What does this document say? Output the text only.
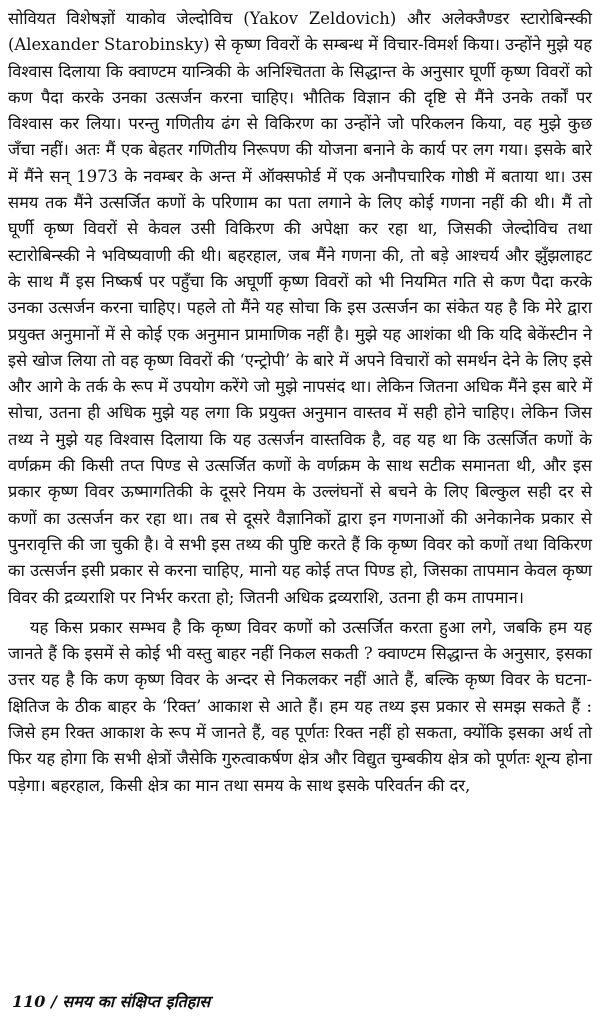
सोवियत विशेषज्ञों याकोव जेल्दोविच (Yakov Zeldovich) और अलेक्जैण्डर स्टारोबिन्स्की (Alexander Starobinsky) से कृष्ण विवरों के सम्बन्ध में विचार-विमर्श किया। उन्होंने मुझे यह विश्वास दिलाया कि क्वाण्टम यान्त्रिकी के अनिश्चितता के सिद्धान्त के अनुसार घूर्णी कृष्ण विवरों को कण पैदा करके उनका उत्सर्जन करना चाहिए। भौतिक विज्ञान की दृष्टि से मैंने उनके तर्कों पर विश्वास कर लिया। परन्तु गणितीय ढंग से विकिरण का उन्होंने जो परिकलन किया, वह मुझे कुछ जँचा नहीं। अतः मैं एक बेहतर गणितीय निरूपण की योजना बनाने के कार्य पर लग गया। इसके बारे में मैंने सन् 1973 के नवम्बर के अन्त में ऑक्सफोर्ड में एक अनौपचारिक गोष्ठी में बताया था। उस समय तक मैंने उत्सर्जित कणों के परिणाम का पता लगाने के लिए कोई गणना नहीं की थी। मैं तो घूर्णी कृष्ण विवरों से केवल उसी विकिरण की अपेक्षा कर रहा था, जिसकी जेल्दोविच तथा स्टारोबिन्स्की ने भविष्यवाणी की थी। बहरहाल, जब मैंने गणना की, तो बड़े आश्चर्य और झुँझलाहट के साथ मैं इस निष्कर्ष पर पहुँचा कि अघूर्णी कृष्ण विवरों को भी नियमित गति से कण पैदा करके उनका उत्सर्जन करना चाहिए। पहले तो मैंने यह सोचा कि इस उत्सर्जन का संकेत यह है कि मेरे द्वारा प्रयुक्त अनुमानों में से कोई एक अनुमान प्रामाणिक नहीं है। मुझे यह आशंका थी कि यदि बेकेंस्टीन ने इसे खोज लिया तो वह कृष्ण विवरों की ‘एन्ट्रोपी’ के बारे में अपने विचारों को समर्थन देने के लिए इसे और आगे के तर्क के रूप में उपयोग करेंगे जो मुझे नापसंद था। लेकिन जितना अधिक मैंने इस बारे में सोचा, उतना ही अधिक मुझे यह लगा कि प्रयुक्त अनुमान वास्तव में सही होने चाहिए। लेकिन जिस तथ्य ने मुझे यह विश्वास दिलाया कि यह उत्सर्जन वास्तविक है, वह यह था कि उत्सर्जित कणों के वर्णक्रम की किसी तप्त पिण्ड से उत्सर्जित कणों के वर्णक्रम के साथ सटीक समानता थी, और इस प्रकार कृष्ण विवर ऊष्मागतिकी के दूसरे नियम के उल्लंघनों से बचने के लिए बिल्कुल सही दर से कणों का उत्सर्जन कर रहा था। तब से दूसरे वैज्ञानिकों द्वारा इन गणनाओं की अनेकानेक प्रकार से पुनरावृत्ति की जा चुकी है। वे सभी इस तथ्य की पुष्टि करते हैं कि कृष्ण विवर को कणों तथा विकिरण का उत्सर्जन इसी प्रकार से करना चाहिए, मानो यह कोई तप्त पिण्ड हो, जिसका तापमान केवल कृष्ण विवर की द्रव्यराशि पर निर्भर करता हो; जितनी अधिक द्रव्यराशि, उतना ही कम तापमान।

यह किस प्रकार सम्भव है कि कृष्ण विवर कणों को उत्सर्जित करता हुआ लगे, जबकि हम यह जानते हैं कि इसमें से कोई भी वस्तु बाहर नहीं निकल सकती ? क्वाण्टम सिद्धान्त के अनुसार, इसका उत्तर यह है कि कण कृष्ण विवर के अन्दर से निकलकर नहीं आते हैं, बल्कि कृष्ण विवर के घटना-क्षितिज के ठीक बाहर के ‘रिक्त’ आकाश से आते हैं। हम यह तथ्य इस प्रकार से समझ सकते हैं : जिसे हम रिक्त आकाश के रूप में जानते हैं, वह पूर्णतः रिक्त नहीं हो सकता, क्योंकि इसका अर्थ तो फिर यह होगा कि सभी क्षेत्रों जैसेकि गुरुत्वाकर्षण क्षेत्र और विद्युत चुम्बकीय क्षेत्र को पूर्णतः शून्य होना पड़ेगा। बहरहाल, किसी क्षेत्र का मान तथा समय के साथ इसके परिवर्तन की दर,

110 / समय का संक्षिप्त इतिहास
